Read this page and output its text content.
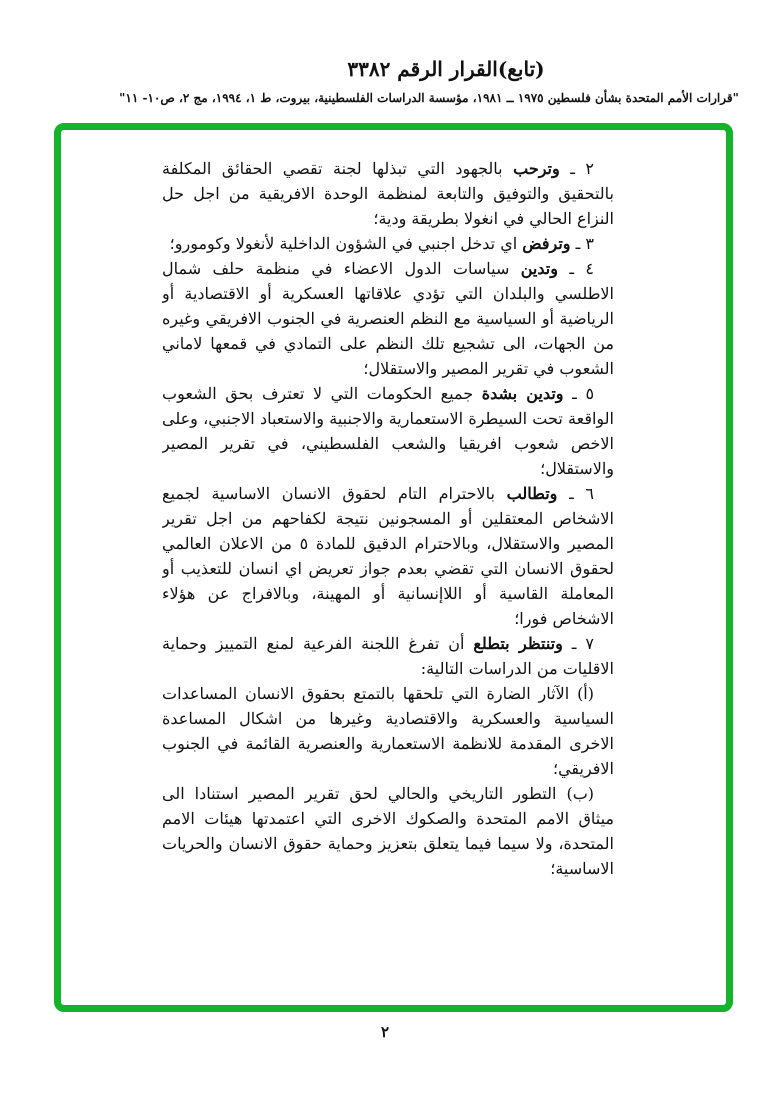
(تابع)القرار الرقم ٣٣٨٢
"قرارات الأمم المتحدة بشأن فلسطين ١٩٧٥ ــ ١٩٨١، مؤسسة الدراسات الفلسطينية، بيروت، ط ١، ١٩٩٤، مج ٢، ص١٠- ١١"

٢ ـ وترحب بالجهود التي تبذلها لجنة تقصي الحقائق المكلفة بالتحقيق والتوفيق والتابعة لمنظمة الوحدة الافريقية من اجل حل النزاع الحالي في انغولا بطريقة ودية؛

٣ ـ وترفض اي تدخل اجنبي في الشؤون الداخلية لأنغولا وكومورو؛

٤ ـ وتدين سياسات الدول الاعضاء في منظمة حلف شمال الاطلسي والبلدان التي تؤدي علاقاتها العسكرية أو الاقتصادية أو الرياضية أو السياسية مع النظم العنصرية في الجنوب الافريقي وغيره من الجهات، الى تشجيع تلك النظم على التمادي في قمعها لاماني الشعوب في تقرير المصير والاستقلال؛

٥ ـ وتدين بشدة جميع الحكومات التي لا تعترف بحق الشعوب الواقعة تحت السيطرة الاستعمارية والاجنبية والاستعباد الاجنبي، وعلى الاخص شعوب افريقيا والشعب الفلسطيني، في تقرير المصير والاستقلال؛

٦ ـ وتطالب بالاحترام التام لحقوق الانسان الاساسية لجميع الاشخاص المعتقلين أو المسجونين نتيجة لكفاحهم من اجل تقرير المصير والاستقلال، وبالاحترام الدقيق للمادة ٥ من الاعلان العالمي لحقوق الانسان التي تقضي بعدم جواز تعريض اي انسان للتعذيب أو المعاملة القاسية أو اللاإنسانية أو المهينة، وبالافراج عن هؤلاء الاشخاص فورا؛

٧ ـ وتنتظر بتطلع أن تفرغ اللجنة الفرعية لمنع التمييز وحماية الاقليات من الدراسات التالية:

(أ) الآثار الضارة التي تلحقها بالتمتع بحقوق الانسان المساعدات السياسية والعسكرية والاقتصادية وغيرها من اشكال المساعدة الاخرى المقدمة للانظمة الاستعمارية والعنصرية القائمة في الجنوب الافريقي؛

(ب) التطور التاريخي والحالي لحق تقرير المصير استنادا الى ميثاق الامم المتحدة والصكوك الاخرى التي اعتمدتها هيئات الامم المتحدة، ولا سيما فيما يتعلق بتعزيز وحماية حقوق الانسان والحريات الاساسية؛

٢
